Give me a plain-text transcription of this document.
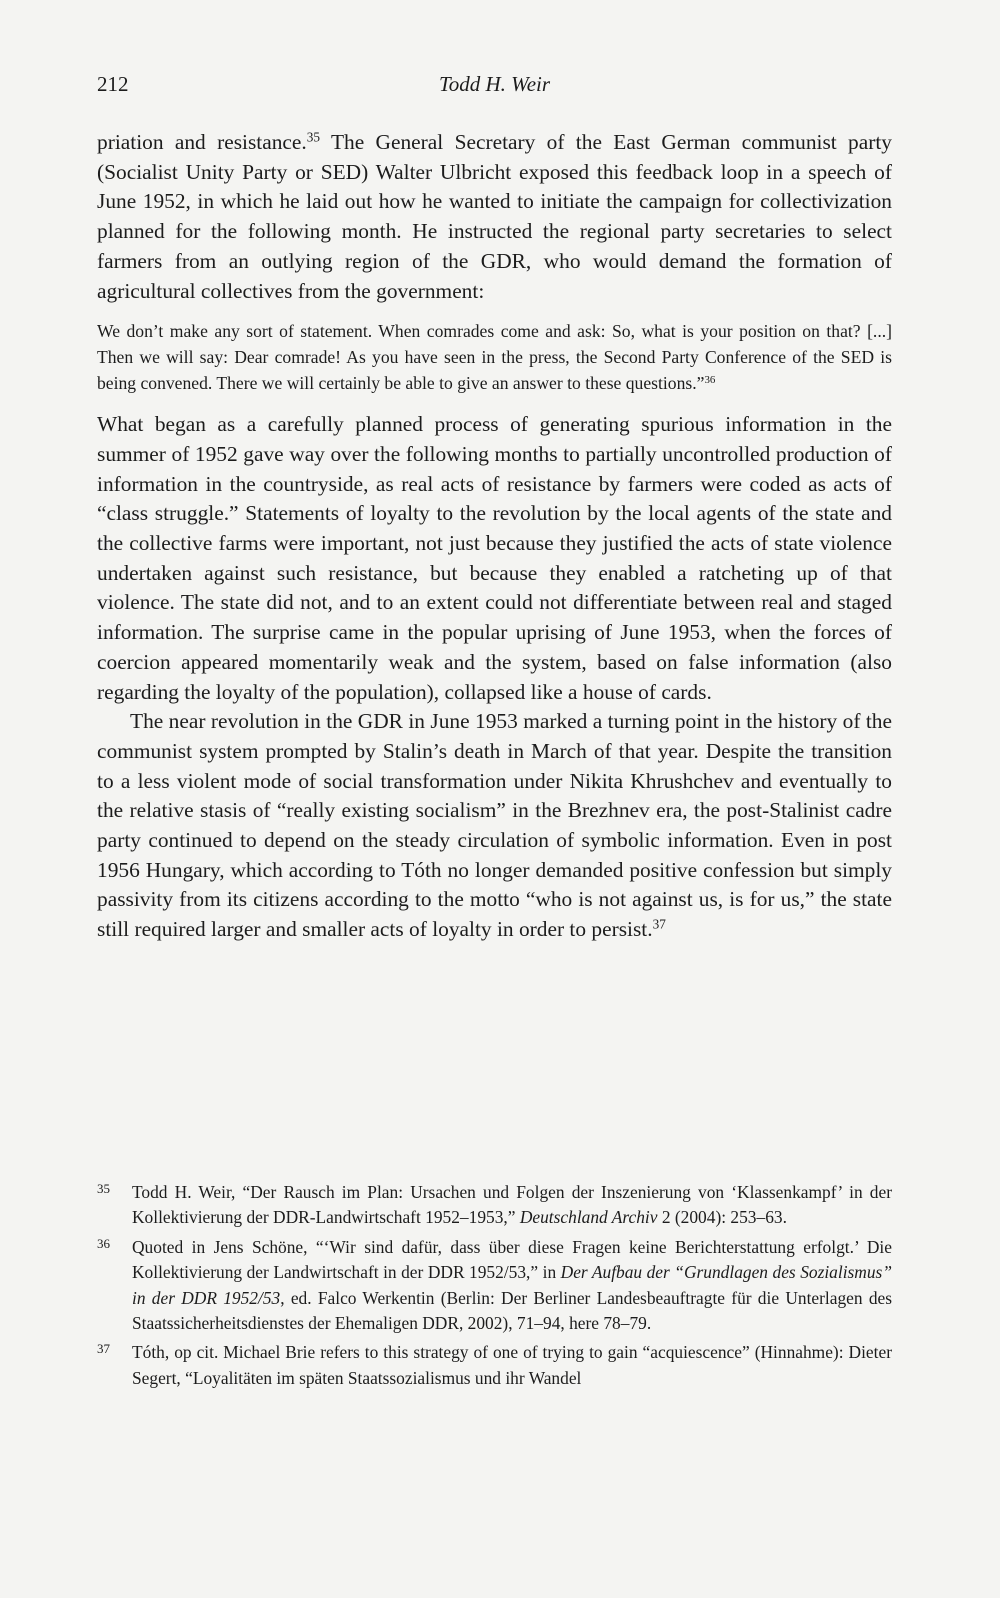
212	Todd H. Weir

priation and resistance.$^{35}$ The General Secretary of the East German communist party (Socialist Unity Party or SED) Walter Ulbricht exposed this feedback loop in a speech of June 1952, in which he laid out how he wanted to initiate the campaign for collectivization planned for the following month. He instructed the regional party secretaries to select farmers from an outlying region of the GDR, who would demand the formation of agricultural collectives from the government:

We don’t make any sort of statement. When comrades come and ask: So, what is your position on that? [...] Then we will say: Dear comrade! As you have seen in the press, the Second Party Conference of the SED is being convened. There we will certainly be able to give an answer to these questions.”$^{36}$

What began as a carefully planned process of generating spurious information in the summer of 1952 gave way over the following months to partially uncontrolled production of information in the countryside, as real acts of resistance by farmers were coded as acts of “class struggle.” Statements of loyalty to the revolution by the local agents of the state and the collective farms were important, not just because they justified the acts of state violence undertaken against such resistance, but because they enabled a ratcheting up of that violence. The state did not, and to an extent could not differentiate between real and staged information. The surprise came in the popular uprising of June 1953, when the forces of coercion appeared momentarily weak and the system, based on false information (also regarding the loyalty of the population), collapsed like a house of cards.

The near revolution in the GDR in June 1953 marked a turning point in the history of the communist system prompted by Stalin’s death in March of that year. Despite the transition to a less violent mode of social transformation under Nikita Khrushchev and eventually to the relative stasis of “really existing socialism” in the Brezhnev era, the post-Stalinist cadre party continued to depend on the steady circulation of symbolic information. Even in post 1956 Hungary, which according to Tóth no longer demanded positive confession but simply passivity from its citizens according to the motto “who is not against us, is for us,” the state still required larger and smaller acts of loyalty in order to persist.$^{37}$

35 Todd H. Weir, “Der Rausch im Plan: Ursachen und Folgen der Inszenierung von ‘Klassenkampf’ in der Kollektivierung der DDR-Landwirtschaft 1952–1953,” Deutschland Archiv 2 (2004): 253–63.
36 Quoted in Jens Schöne, “‘Wir sind dafür, dass über diese Fragen keine Berichterstattung erfolgt.’ Die Kollektivierung der Landwirtschaft in der DDR 1952/53,” in Der Aufbau der “Grundlagen des Sozialismus” in der DDR 1952/53, ed. Falco Werkentin (Berlin: Der Berliner Landesbeauftragte für die Unterlagen des Staatssicherheitsdienstes der Ehemaligen DDR, 2002), 71–94, here 78–79.
37 Tóth, op cit. Michael Brie refers to this strategy of one of trying to gain “acquiescence” (Hinnahme): Dieter Segert, “Loyalitäten im späten Staatssozialismus und ihr Wandel
